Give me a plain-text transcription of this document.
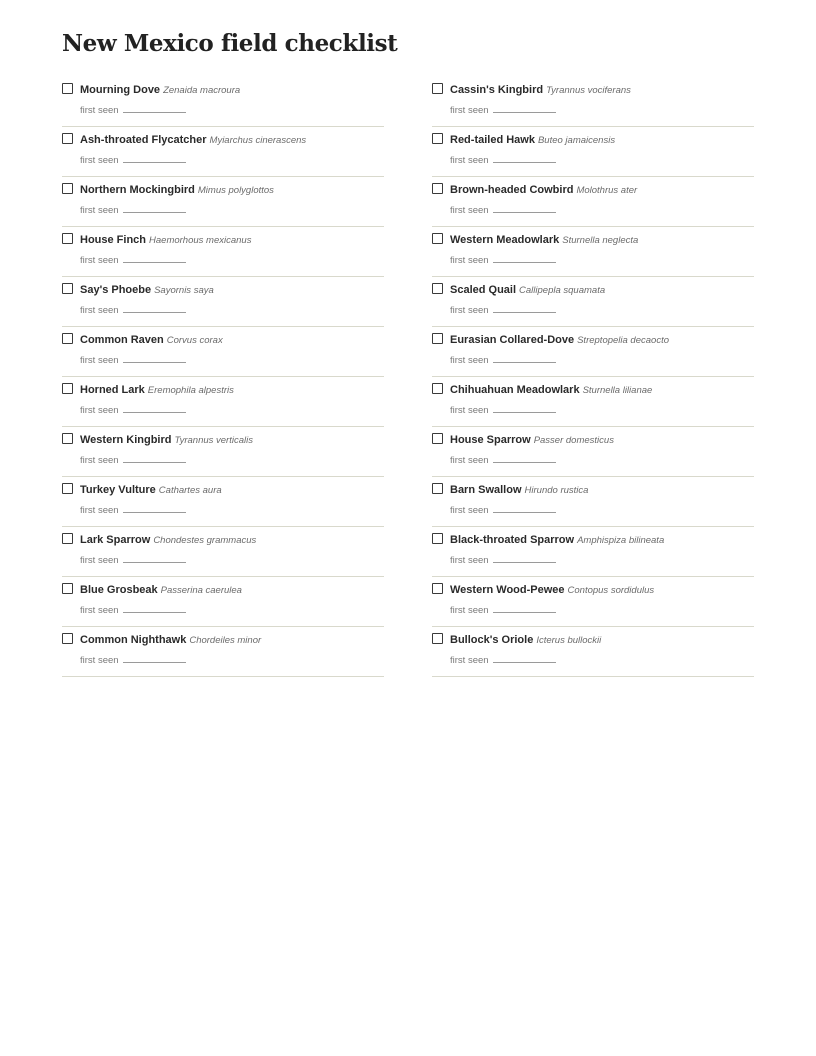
New Mexico field checklist
Mourning Dove Zenaida macroura
first seen
Ash-throated Flycatcher Myiarchus cinerascens
first seen
Northern Mockingbird Mimus polyglottos
first seen
House Finch Haemorhous mexicanus
first seen
Say's Phoebe Sayornis saya
first seen
Common Raven Corvus corax
first seen
Horned Lark Eremophila alpestris
first seen
Western Kingbird Tyrannus verticalis
first seen
Turkey Vulture Cathartes aura
first seen
Lark Sparrow Chondestes grammacus
first seen
Blue Grosbeak Passerina caerulea
first seen
Common Nighthawk Chordeiles minor
first seen
Cassin's Kingbird Tyrannus vociferans
first seen
Red-tailed Hawk Buteo jamaicensis
first seen
Brown-headed Cowbird Molothrus ater
first seen
Western Meadowlark Sturnella neglecta
first seen
Scaled Quail Callipepla squamata
first seen
Eurasian Collared-Dove Streptopelia decaocto
first seen
Chihuahuan Meadowlark Sturnella lilianae
first seen
House Sparrow Passer domesticus
first seen
Barn Swallow Hirundo rustica
first seen
Black-throated Sparrow Amphispiza bilineata
first seen
Western Wood-Pewee Contopus sordidulus
first seen
Bullock's Oriole Icterus bullockii
first seen
